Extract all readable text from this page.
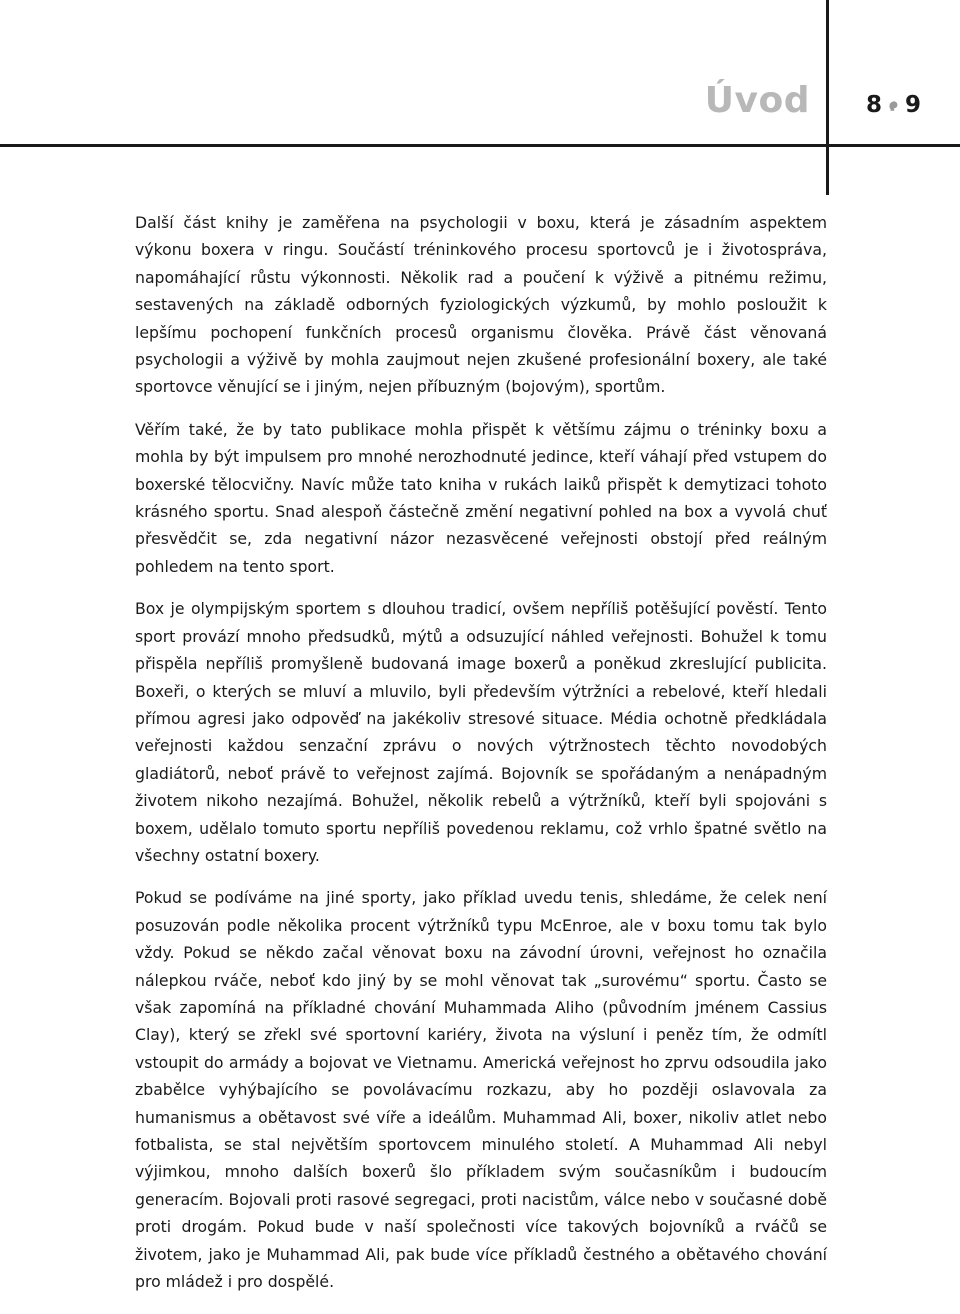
Úvod 8 9

Další část knihy je zaměřena na psychologii v boxu, která je zásadním aspektem výkonu boxera v ringu. Součástí tréninkového procesu sportovců je i životospráva, napomáhající růstu výkonnosti. Několik rad a poučení k výživě a pitnému režimu, sestavených na základě odborných fyziologických výzkumů, by mohlo posloužit k lepšímu pochopení funkčních procesů organismu člověka. Právě část věnovaná psychologii a výživě by mohla zaujmout nejen zkušené profesionální boxery, ale také sportovce věnující se i jiným, nejen příbuzným (bojovým), sportům.

Věřím také, že by tato publikace mohla přispět k většímu zájmu o tréninky boxu a mohla by být impulsem pro mnohé nerozhodnuté jedince, kteří váhají před vstupem do boxerské tělocvičny. Navíc může tato kniha v rukách laiků přispět k demytizaci tohoto krásného sportu. Snad alespoň částečně změní negativní pohled na box a vyvolá chuť přesvědčit se, zda negativní názor nezasvěcené veřejnosti obstojí před reálným pohledem na tento sport.

Box je olympijským sportem s dlouhou tradicí, ovšem nepříliš potěšující pověstí. Tento sport provází mnoho předsudků, mýtů a odsuzující náhled veřejnosti. Bohužel k tomu přispěla nepříliš promyšleně budovaná image boxerů a poněkud zkreslující publicita. Boxeři, o kterých se mluví a mluvilo, byli především výtržníci a rebelové, kteří hledali přímou agresi jako odpověď na jakékoliv stresové situace. Média ochotně předkládala veřejnosti každou senzační zprávu o nových výtržnostech těchto novodobých gladiátorů, neboť právě to veřejnost zajímá. Bojovník se spořádaným a nenápadným životem nikoho nezajímá. Bohužel, několik rebelů a výtržníků, kteří byli spojováni s boxem, udělalo tomuto sportu nepříliš povedenou reklamu, což vrhlo špatné světlo na všechny ostatní boxery.

Pokud se podíváme na jiné sporty, jako příklad uvedu tenis, shledáme, že celek není posuzován podle několika procent výtržníků typu McEnroe, ale v boxu tomu tak bylo vždy. Pokud se někdo začal věnovat boxu na závodní úrovni, veřejnost ho označila nálepkou rváče, neboť kdo jiný by se mohl věnovat tak „surovému“ sportu. Často se však zapomíná na příkladné chování Muhammada Aliho (původním jménem Cassius Clay), který se zřekl své sportovní kariéry, života na výsluní i peněz tím, že odmítl vstoupit do armády a bojovat ve Vietnamu. Americká veřejnost ho zprvu odsoudila jako zbabělce vyhýbajícího se povolávacímu rozkazu, aby ho později oslavovala za humanismus a obětavost své víře a ideálům. Muhammad Ali, boxer, nikoliv atlet nebo fotbalista, se stal největším sportovcem minulého století. A Muhammad Ali nebyl výjimkou, mnoho dalších boxerů šlo příkladem svým současníkům i budoucím generacím. Bojovali proti rasové segregaci, proti nacistům, válce nebo v současné době proti drogám. Pokud bude v naší společnosti více takových bojovníků a rváčů se životem, jako je Muhammad Ali, pak bude více příkladů čestného a obětavého chování pro mládež i pro dospělé.
